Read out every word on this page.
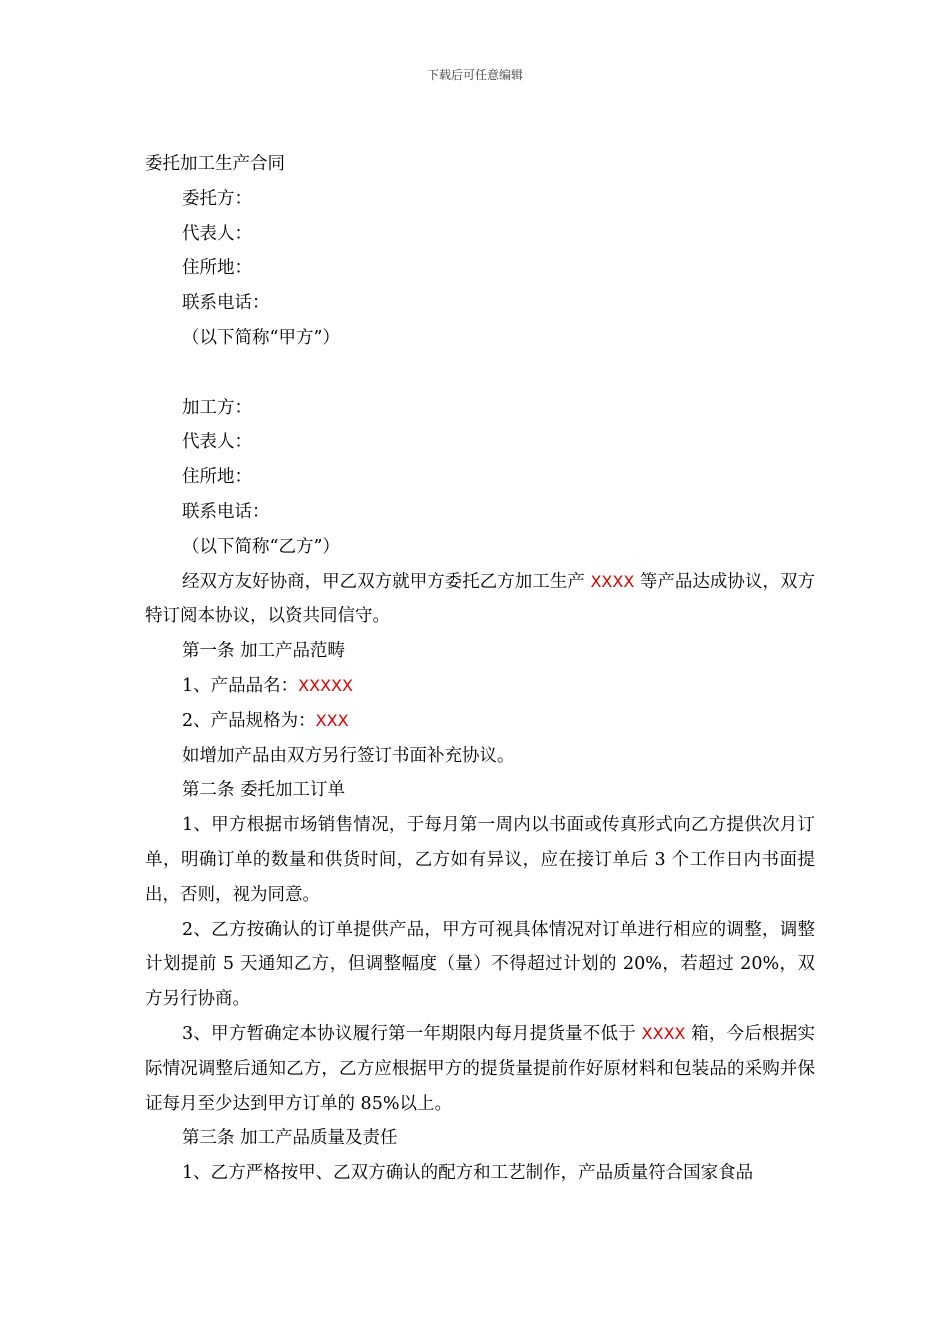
下载后可任意编辑
委托加工生产合同
委托方：
代表人：
住所地：
联系电话：
（以下简称“甲方”）
加工方：
代表人：
住所地：
联系电话：
（以下简称“乙方”）
经双方友好协商，甲乙双方就甲方委托乙方加工生产 XXXX 等产品达成协议，双方特订阅本协议，以资共同信守。
第一条 加工产品范畴
1、产品品名：XXXXX
2、产品规格为：XXX
如增加产品由双方另行签订书面补充协议。
第二条 委托加工订单
1、甲方根据市场销售情况，于每月第一周内以书面或传真形式向乙方提供次月订单，明确订单的数量和供货时间，乙方如有异议，应在接订单后 3 个工作日内书面提出，否则，视为同意。
2、乙方按确认的订单提供产品，甲方可视具体情况对订单进行相应的调整，调整计划提前 5 天通知乙方，但调整幅度（量）不得超过计划的 20%，若超过 20%，双方另行协商。
3、甲方暂确定本协议履行第一年期限内每月提货量不低于 XXXX 箱，今后根据实际情况调整后通知乙方，乙方应根据甲方的提货量提前作好原材料和包装品的采购并保证每月至少达到甲方订单的 85%以上。
第三条 加工产品质量及责任
1、乙方严格按甲、乙双方确认的配方和工艺制作，产品质量符合国家食品
